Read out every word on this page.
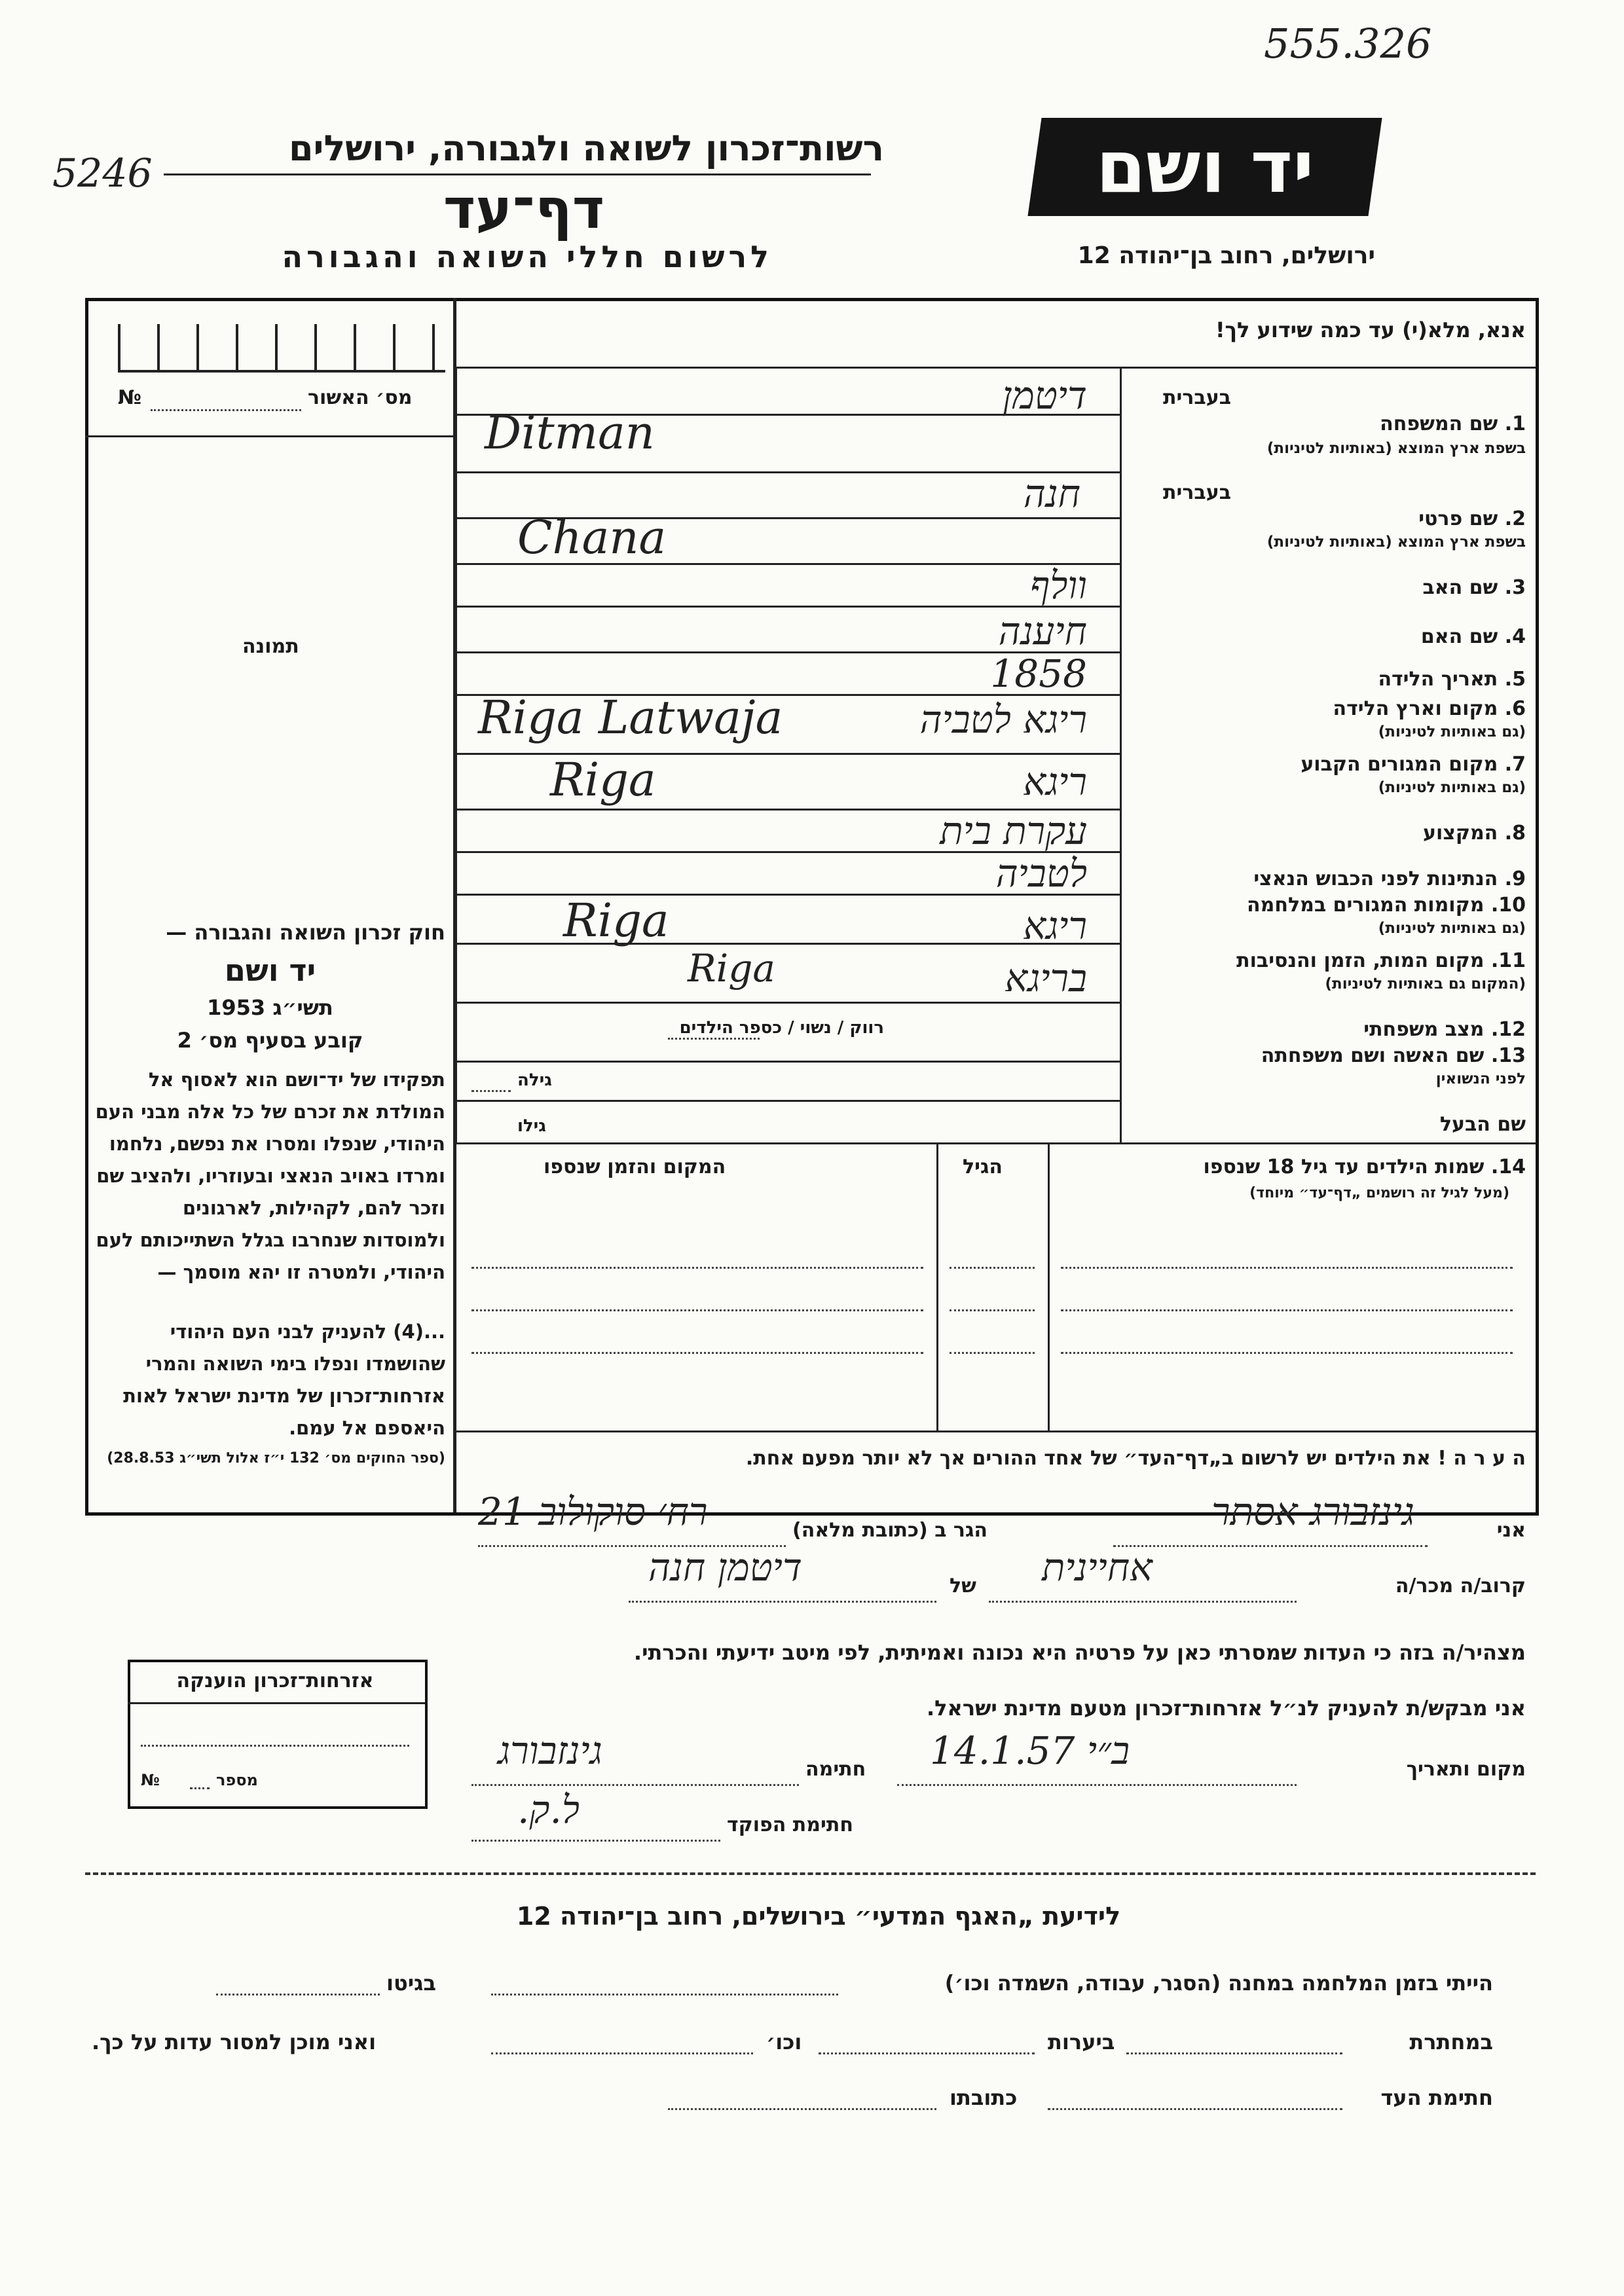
555.326
5246	יד ושם
ירושלים, רחוב בן־יהודה 12
רשות־זכרון לשואה ולגבורה, ירושלים
דף־עד
לרשום חללי השואה והגבורה
מס׳ האשור
№
תמונה
חוק זכרון השואה והגבורה —
יד ושם
תשי״ג 1953
קובע בסעיף מס׳ 2
תפקידו של יד־ושם הוא לאסוף אל המולדת את זכרם של כל אלה מבני העם היהודי, שנפלו ומסרו את נפשם, נלחמו ומרדו באויב הנאצי ובעוזריו, ולהציב שם וזכר להם, לקהילות, לארגונים ולמוסדות שנחרבו בגלל השתייכותם לעם היהודי, ולמטרה זו יהא מוסמך —
...(4) להעניק לבני העם היהודי שהושמדו ונפלו בימי השואה והמרי אזרחות־זכרון של מדינת ישראל לאות היאספם אל עמם.
(ספר החוקים מס׳ 132 י״ז אלול תשי״ג 28.8.53)
אנא, מלא(י) עד כמה שידוע לך!
בעברית
1. שם המשפחה
בשפת ארץ המוצא (באותיות לטיניות)
בעברית
2. שם פרטי
בשפת ארץ המוצא (באותיות לטיניות)
3. שם האב
4. שם האם
5. תאריך הלידה
6. מקום וארץ הלידה
(גם באותיות לטיניות)
7. מקום המגורים הקבוע
(גם באותיות לטיניות)
8. המקצוע
9. הנתינות לפני הכבוש הנאצי
10. מקומות המגורים במלחמה
(גם באותיות לטיניות)
11. מקום המות, הזמן והנסיבות
(המקום גם באותיות לטיניות)
12. מצב משפחתי
13. שם האשה ושם משפחתה
לפני הנשואין
שם הבעל
דיטמן
Ditman
חנה
Chana
וולף
חיענה
1858
ריגא לטביה
Riga Latwaja
ריגא
Riga
עקרת בית
לטביה
ריגא
Riga
בריגא
Riga
רווק / נשוי / כספר הילדים
גילה
גילו
14. שמות הילדים עד גיל 18 שנספו
(מעל לגיל זה רושמים „דף־עד״ מיוחד)
הגיל
המקום והזמן שנספו
ה ע ר ה ! את הילדים יש לרשום ב„דף־העד״ של אחד ההורים אך לא יותר מפעם אחת.
אני
גינזבורג אסתר
הגר ב (כתובת מלאה)
רח׳ סוקולוב 21
קרוב/ה מכר/ה
אחיינית
של
דיטמן חנה
מצהיר/ה בזה כי העדות שמסרתי כאן על פרטיה היא נכונה ואמיתית, לפי מיטב ידיעתי והכרתי.
אני מבקש/ת להעניק לנ״ל אזרחות־זכרון מטעם מדינת ישראל.
מקום ותאריך
ב״י 14.1.57
חתימה
גינזבורג
חתימת הפוקד
ל.ק.
אזרחות־זכרון הוענקה
מספר
№
לידיעת „האגף המדעי״ בירושלים, רחוב בן־יהודה 12
הייתי בזמן המלחמה במחנה (הסגר, עבודה, השמדה וכו׳)
בגיטו
במחתרת
ביערות
וכו׳
ואני מוכן למסור עדות על כך.
חתימת העד
כתובתו
